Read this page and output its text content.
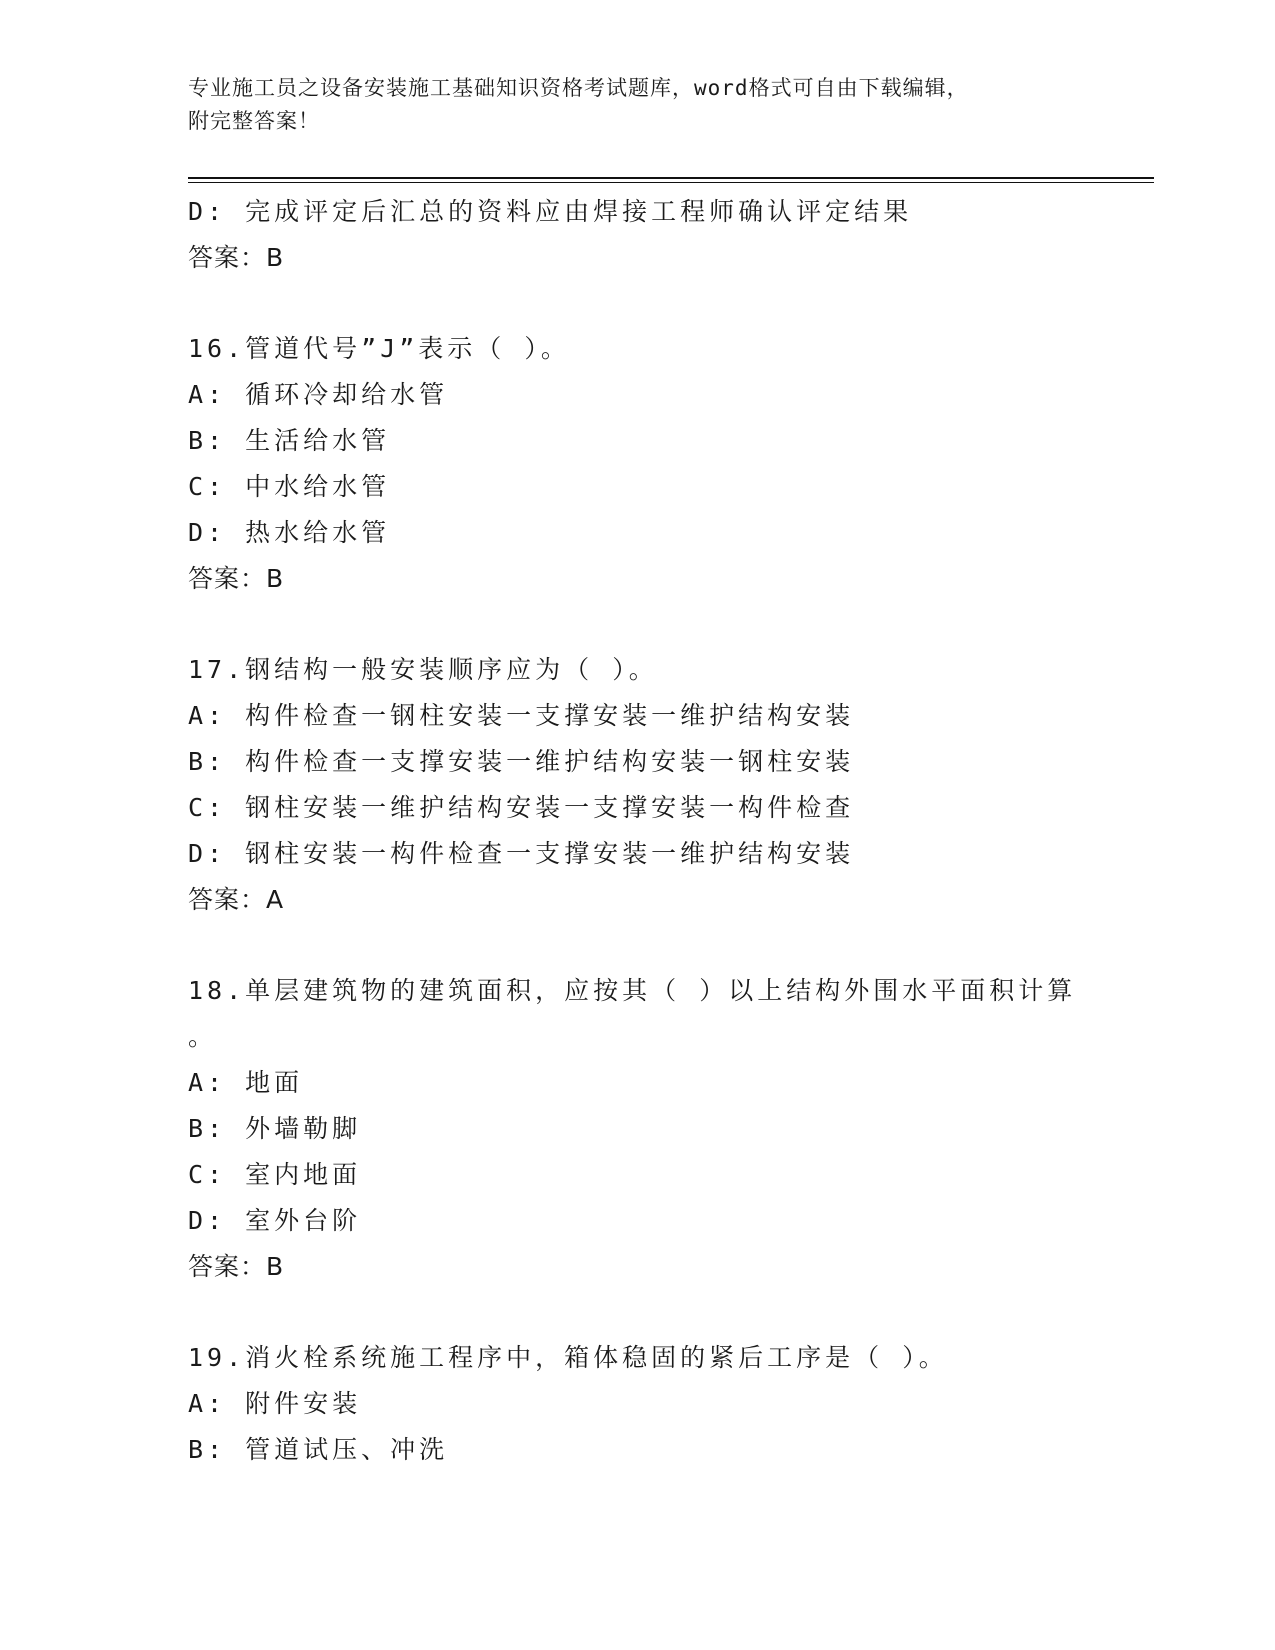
专业施工员之设备安装施工基础知识资格考试题库，word格式可自由下载编辑，
附完整答案！
D: 完成评定后汇总的资料应由焊接工程师确认评定结果
答案：B
16.管道代号”J”表示（ ）。
A: 循环冷却给水管
B: 生活给水管
C: 中水给水管
D: 热水给水管
答案：B
17.钢结构一般安装顺序应为（ ）。
A: 构件检查一钢柱安装一支撑安装一维护结构安装
B: 构件检查一支撑安装一维护结构安装一钢柱安装
C: 钢柱安装一维护结构安装一支撑安装一构件检查
D: 钢柱安装一构件检查一支撑安装一维护结构安装
答案：A
18.单层建筑物的建筑面积，应按其（ ）以上结构外围水平面积计算
。
A: 地面
B: 外墙勒脚
C: 室内地面
D: 室外台阶
答案：B
19.消火栓系统施工程序中，箱体稳固的紧后工序是（ ）。
A: 附件安装
B: 管道试压、冲洗
